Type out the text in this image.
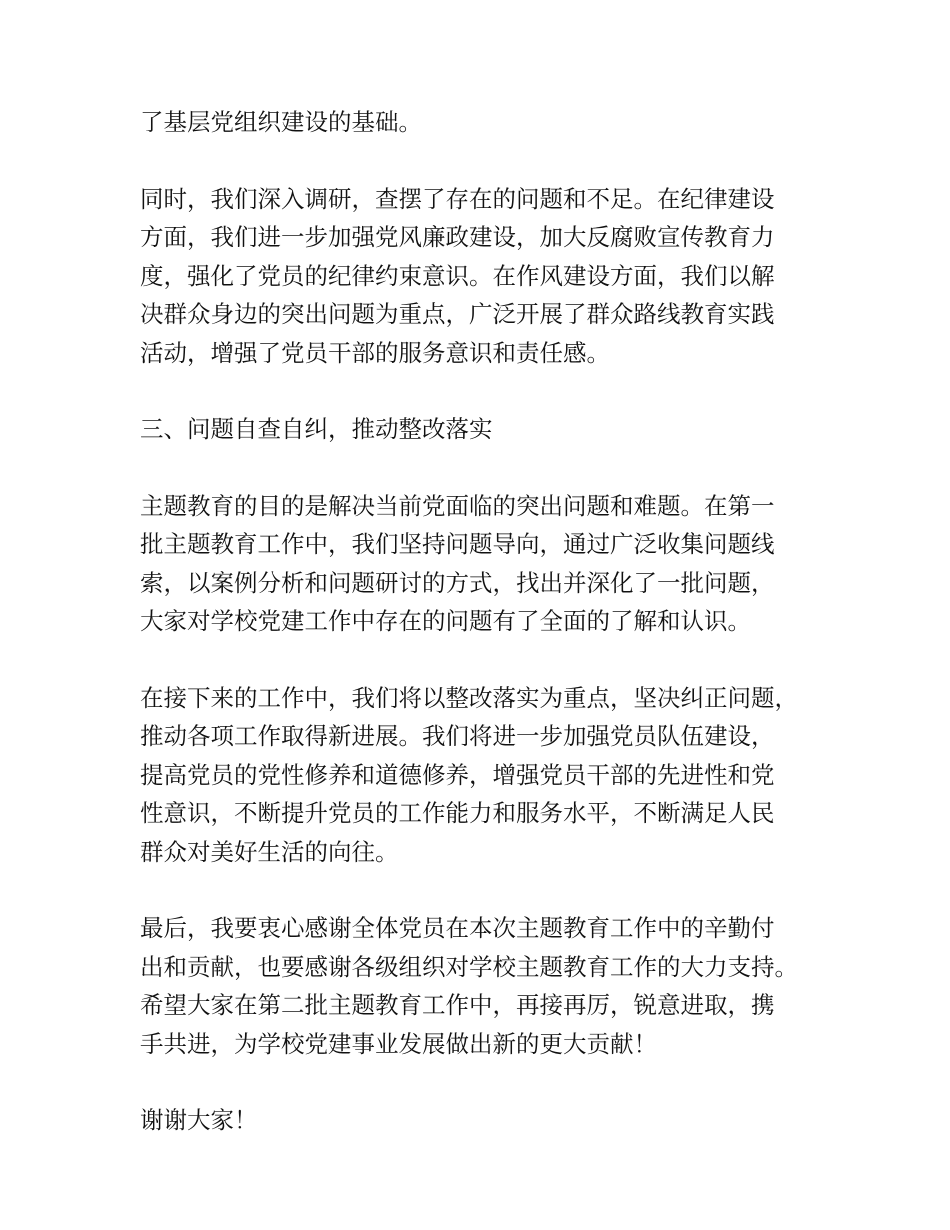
了基层党组织建设的基础。

同时，我们深入调研，查摆了存在的问题和不足。在纪律建设
方面，我们进一步加强党风廉政建设，加大反腐败宣传教育力
度，强化了党员的纪律约束意识。在作风建设方面，我们以解
决群众身边的突出问题为重点，广泛开展了群众路线教育实践
活动，增强了党员干部的服务意识和责任感。

三、问题自查自纠，推动整改落实

主题教育的目的是解决当前党面临的突出问题和难题。在第一
批主题教育工作中，我们坚持问题导向，通过广泛收集问题线
索，以案例分析和问题研讨的方式，找出并深化了一批问题，
大家对学校党建工作中存在的问题有了全面的了解和认识。

在接下来的工作中，我们将以整改落实为重点，坚决纠正问题，
推动各项工作取得新进展。我们将进一步加强党员队伍建设，
提高党员的党性修养和道德修养，增强党员干部的先进性和党
性意识，不断提升党员的工作能力和服务水平，不断满足人民
群众对美好生活的向往。

最后，我要衷心感谢全体党员在本次主题教育工作中的辛勤付
出和贡献，也要感谢各级组织对学校主题教育工作的大力支持。
希望大家在第二批主题教育工作中，再接再厉，锐意进取，携
手共进，为学校党建事业发展做出新的更大贡献！

谢谢大家！
